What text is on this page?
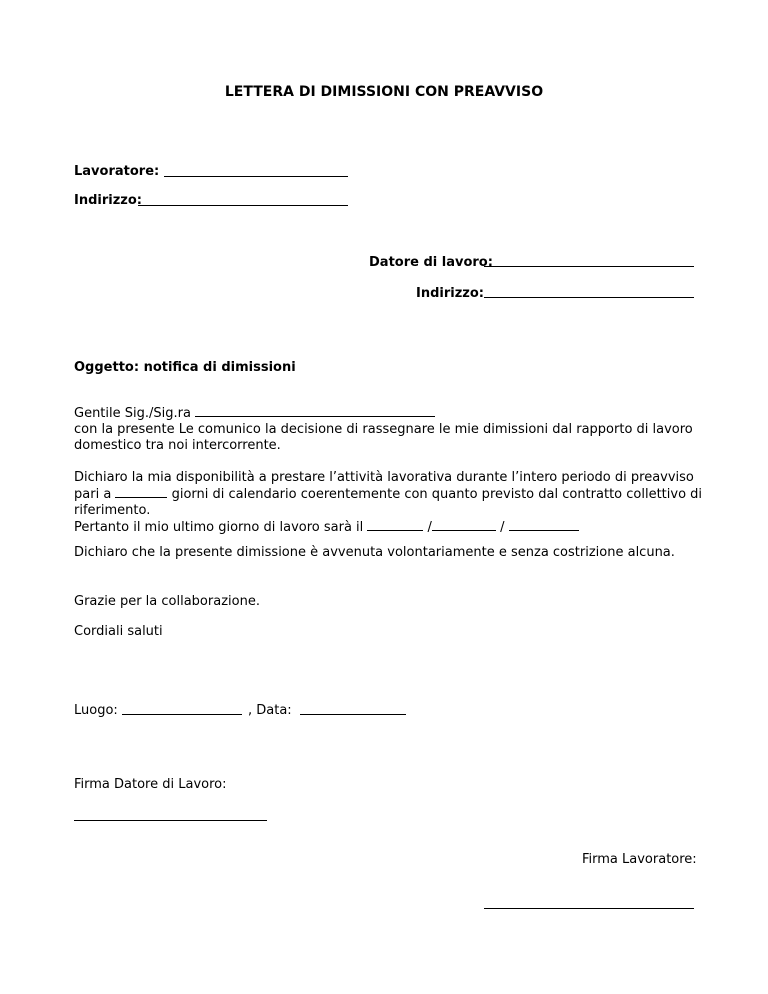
LETTERA DI DIMISSIONI CON PREAVVISO
Lavoratore:
Indirizzo:
Datore di lavoro:
Indirizzo:
Oggetto: notifica di dimissioni
Gentile Sig./Sig.ra
con la presente Le comunico la decisione di rassegnare le mie dimissioni dal rapporto di lavoro domestico tra noi intercorrente.
Dichiaro la mia disponibilità a prestare l’attività lavorativa durante l’intero periodo di preavviso pari a	giorni di calendario coerentemente con quanto previsto dal contratto collettivo di riferimento.
Pertanto il mio ultimo giorno di lavoro sarà il	/	/
Dichiaro che la presente dimissione è avvenuta volontariamente e senza costrizione alcuna.
Grazie per la collaborazione.
Cordiali saluti
Luogo:	, Data:
Firma Datore di Lavoro:
Firma Lavoratore:
